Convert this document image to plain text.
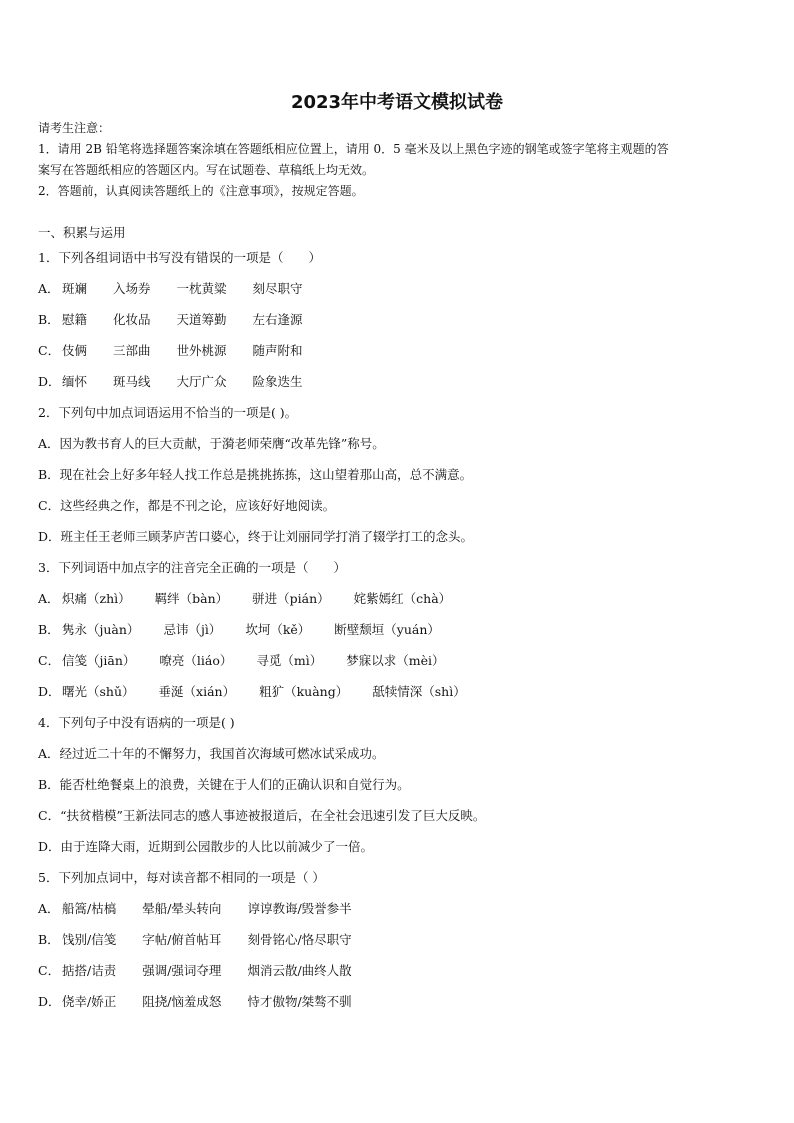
2023年中考语文模拟试卷
请考生注意：
1．请用 2B 铅笔将选择题答案涂填在答题纸相应位置上，请用 0．5 毫米及以上黑色字迹的钢笔或签字笔将主观题的答
案写在答题纸相应的答题区内。写在试题卷、草稿纸上均无效。
2．答题前，认真阅读答题纸上的《注意事项》，按规定答题。
一、积累与运用
1．下列各组词语中书写没有错误的一项是（　　）
A． 斑斓 入场券 一枕黄粱 刻尽职守
B． 慰籍 化妆品 天道筹勤 左右逢源
C． 伎俩 三部曲 世外桃源 随声附和
D． 缅怀 斑马线 大厅广众 险象迭生
2．下列句中加点词语运用不恰当的一项是( )。
A．因为教书育人的巨大贡献，于漪老师荣膺“改革先锋”称号。
B．现在社会上好多年轻人找工作总是挑挑拣拣，这山望着那山高，总不满意。
C．这些经典之作，都是不刊之论，应该好好地阅读。
D．班主任王老师三顾茅庐苦口婆心，终于让刘丽同学打消了辍学打工的念头。
3．下列词语中加点字的注音完全正确的一项是（　　）
A． 炽痛（zhì） 羁绊（bàn） 骈进（pián） 姹紫嫣红（chà）
B． 隽永（juàn） 忌讳（jì） 坎坷（kě） 断壁颓垣（yuán）
C． 信笺（jiān） 嘹亮（liáo） 寻觅（mì） 梦寐以求（mèi）
D． 曙光（shǔ） 垂涎（xián） 粗犷（kuàng） 舐犊情深（shì）
4．下列句子中没有语病的一项是( )
A．经过近二十年的不懈努力，我国首次海域可燃冰试采成功。
B．能否杜绝餐桌上的浪费，关键在于人们的正确认识和自觉行为。
C．“扶贫楷模”王新法同志的感人事迹被报道后，在全社会迅速引发了巨大反映。
D．由于连降大雨，近期到公园散步的人比以前减少了一倍。
5．下列加点词中，每对读音都不相同的一项是（ ）
A． 船篙/枯槁 晕船/晕头转向 谆谆教诲/毁誉参半
B． 饯别/信笺 字帖/俯首帖耳 刻骨铭心/恪尽职守
C． 掂搭/诘责 强调/强词夺理 烟消云散/曲终人散
D． 侥幸/娇正 阻挠/恼羞成怒 恃才傲物/桀骜不驯
